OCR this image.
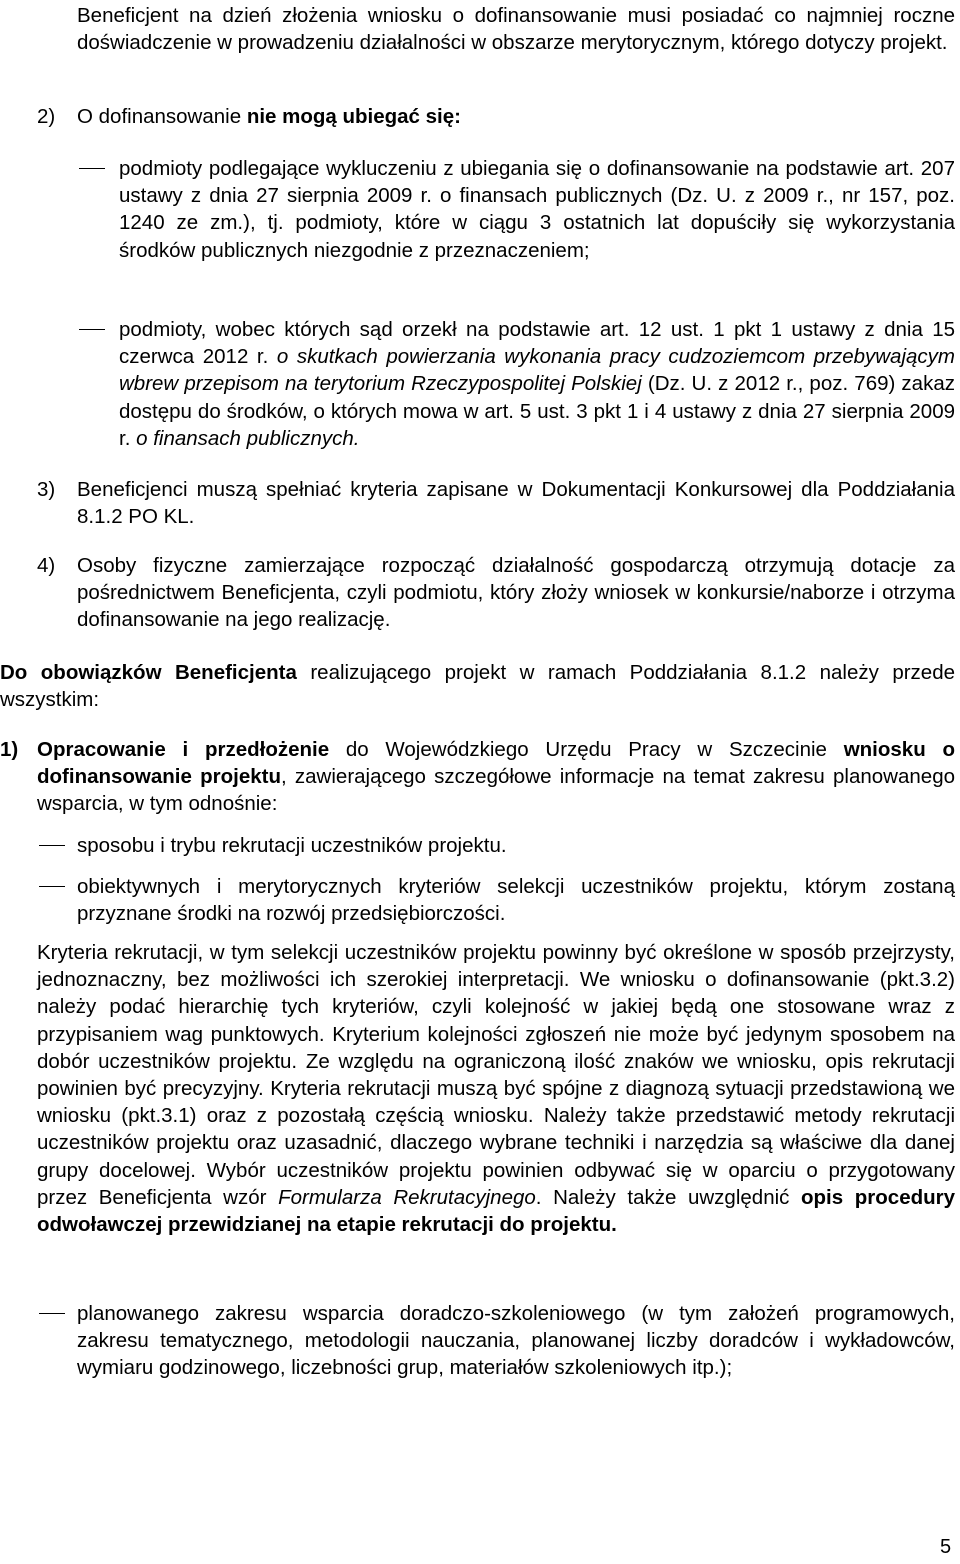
Beneficjent na dzień złożenia wniosku o dofinansowanie musi posiadać co najmniej roczne doświadczenie w prowadzeniu działalności w obszarze merytorycznym, którego dotyczy projekt.

2) O dofinansowanie nie mogą ubiegać się:

podmioty podlegające wykluczeniu z ubiegania się o dofinansowanie na podstawie art. 207 ustawy z dnia 27 sierpnia 2009 r. o finansach publicznych (Dz. U. z 2009 r., nr 157, poz. 1240 ze zm.), tj. podmioty, które w ciągu 3 ostatnich lat dopuściły się wykorzystania środków publicznych niezgodnie z przeznaczeniem;

podmioty, wobec których sąd orzekł na podstawie art. 12 ust. 1 pkt 1 ustawy z dnia 15 czerwca 2012 r. o skutkach powierzania wykonania pracy cudzoziemcom przebywającym wbrew przepisom na terytorium Rzeczypospolitej Polskiej (Dz. U. z 2012 r., poz. 769) zakaz dostępu do środków, o których mowa w art. 5 ust. 3 pkt 1 i 4 ustawy z dnia 27 sierpnia 2009 r. o finansach publicznych.

3) Beneficjenci muszą spełniać kryteria zapisane w Dokumentacji Konkursowej dla Poddziałania 8.1.2 PO KL.

4) Osoby fizyczne zamierzające rozpocząć działalność gospodarczą otrzymują dotacje za pośrednictwem Beneficjenta, czyli podmiotu, który złoży wniosek w konkursie/naborze i otrzyma dofinansowanie na jego realizację.

Do obowiązków Beneficjenta realizującego projekt w ramach Poddziałania 8.1.2 należy przede wszystkim:

1) Opracowanie i przedłożenie do Wojewódzkiego Urzędu Pracy w Szczecinie wniosku o dofinansowanie projektu, zawierającego szczegółowe informacje na temat zakresu planowanego wsparcia, w tym odnośnie:

sposobu i trybu rekrutacji uczestników projektu.

obiektywnych i merytorycznych kryteriów selekcji uczestników projektu, którym zostaną przyznane środki na rozwój przedsiębiorczości.

Kryteria rekrutacji, w tym selekcji uczestników projektu powinny być określone w sposób przejrzysty, jednoznaczny, bez możliwości ich szerokiej interpretacji. We wniosku o dofinansowanie (pkt.3.2) należy podać hierarchię tych kryteriów, czyli kolejność w jakiej będą one stosowane wraz z przypisaniem wag punktowych. Kryterium kolejności zgłoszeń nie może być jedynym sposobem na dobór uczestników projektu. Ze względu na ograniczoną ilość znaków we wniosku, opis rekrutacji powinien być precyzyjny. Kryteria rekrutacji muszą być spójne z diagnozą sytuacji przedstawioną we wniosku (pkt.3.1) oraz z pozostałą częścią wniosku. Należy także przedstawić metody rekrutacji uczestników projektu oraz uzasadnić, dlaczego wybrane techniki i narzędzia są właściwe dla danej grupy docelowej. Wybór uczestników projektu powinien odbywać się w oparciu o przygotowany przez Beneficjenta wzór Formularza Rekrutacyjnego. Należy także uwzględnić opis procedury odwoławczej przewidzianej na etapie rekrutacji do projektu.

planowanego zakresu wsparcia doradczo-szkoleniowego (w tym założeń programowych, zakresu tematycznego, metodologii nauczania, planowanej liczby doradców i wykładowców, wymiaru godzinowego, liczebności grup, materiałów szkoleniowych itp.);

5
